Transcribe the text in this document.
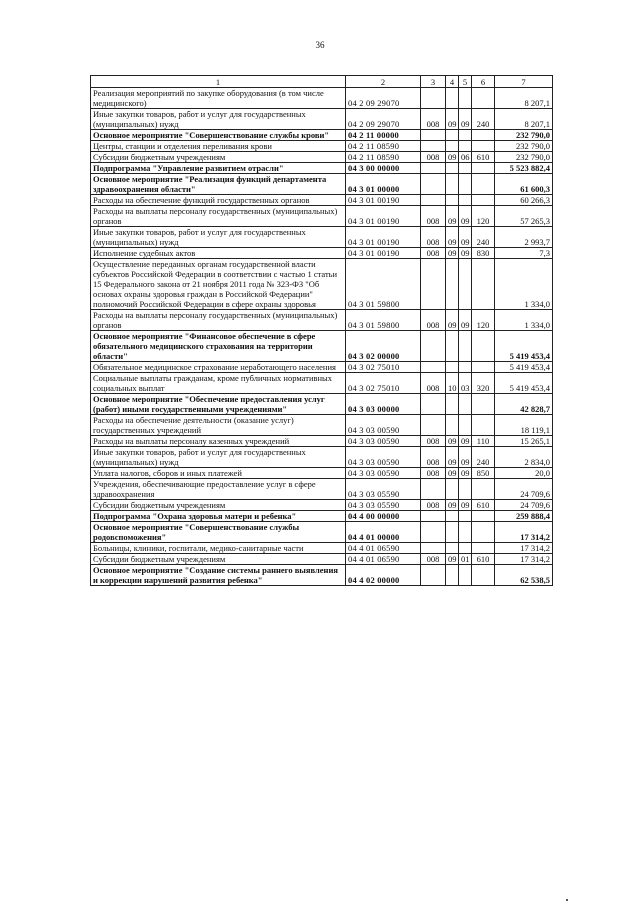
36
1	2	3	4	5	6	7
Реализация мероприятий по закупке оборудования (в том числе медицинского)	04 2 09 29070					8 207,1
Иные закупки товаров, работ и услуг для государственных (муниципальных) нужд	04 2 09 29070	008	09	09	240	8 207,1
Основное мероприятие "Совершенствование службы крови"	04 2 11 00000					232 790,0
Центры, станции и отделения переливания крови	04 2 11 08590					232 790,0
Субсидии бюджетным учреждениям	04 2 11 08590	008	09	06	610	232 790,0
Подпрограмма "Управление развитием отрасли"	04 3 00 00000					5 523 882,4
Основное мероприятие "Реализация функций департамента здравоохранения области"	04 3 01 00000					61 600,3
Расходы на обеспечение функций государственных органов	04 3 01 00190					60 266,3
Расходы на выплаты персоналу государственных (муниципальных) органов	04 3 01 00190	008	09	09	120	57 265,3
Иные закупки товаров, работ и услуг для государственных (муниципальных) нужд	04 3 01 00190	008	09	09	240	2 993,7
Исполнение судебных актов	04 3 01 00190	008	09	09	830	7,3
Осуществление переданных органам государственной власти субъектов Российской Федерации в соответствии с частью 1 статьи 15 Федерального закона от 21 ноября 2011 года № 323-ФЗ "Об основах охраны здоровья граждан в Российской Федерации" полномочий Российской Федерации в сфере охраны здоровья	04 3 01 59800					1 334,0
Расходы на выплаты персоналу государственных (муниципальных) органов	04 3 01 59800	008	09	09	120	1 334,0
Основное мероприятие "Финансовое обеспечение в сфере обязательного медицинского страхования на территории области"	04 3 02 00000					5 419 453,4
Обязательное медицинское страхование неработающего населения	04 3 02 75010					5 419 453,4
Социальные выплаты гражданам, кроме публичных нормативных социальных выплат	04 3 02 75010	008	10	03	320	5 419 453,4
Основное мероприятие "Обеспечение предоставления услуг (работ) иными государственными учреждениями"	04 3 03 00000					42 828,7
Расходы на обеспечение деятельности (оказание услуг) государственных учреждений	04 3 03 00590					18 119,1
Расходы на выплаты персоналу казенных учреждений	04 3 03 00590	008	09	09	110	15 265,1
Иные закупки товаров, работ и услуг для государственных (муниципальных) нужд	04 3 03 00590	008	09	09	240	2 834,0
Уплата налогов, сборов и иных платежей	04 3 03 00590	008	09	09	850	20,0
Учреждения, обеспечивающие предоставление услуг в сфере здравоохранения	04 3 03 05590					24 709,6
Субсидии бюджетным учреждениям	04 3 03 05590	008	09	09	610	24 709,6
Подпрограмма "Охрана здоровья матери и ребенка"	04 4 00 00000					259 888,4
Основное мероприятие "Совершенствование службы родовспоможения"	04 4 01 00000					17 314,2
Больницы, клиники, госпитали, медико-санитарные части	04 4 01 06590					17 314,2
Субсидии бюджетным учреждениям	04 4 01 06590	008	09	01	610	17 314,2
Основное мероприятие "Создание системы раннего выявления и коррекции нарушений развития ребенка"	04 4 02 00000					62 538,5
